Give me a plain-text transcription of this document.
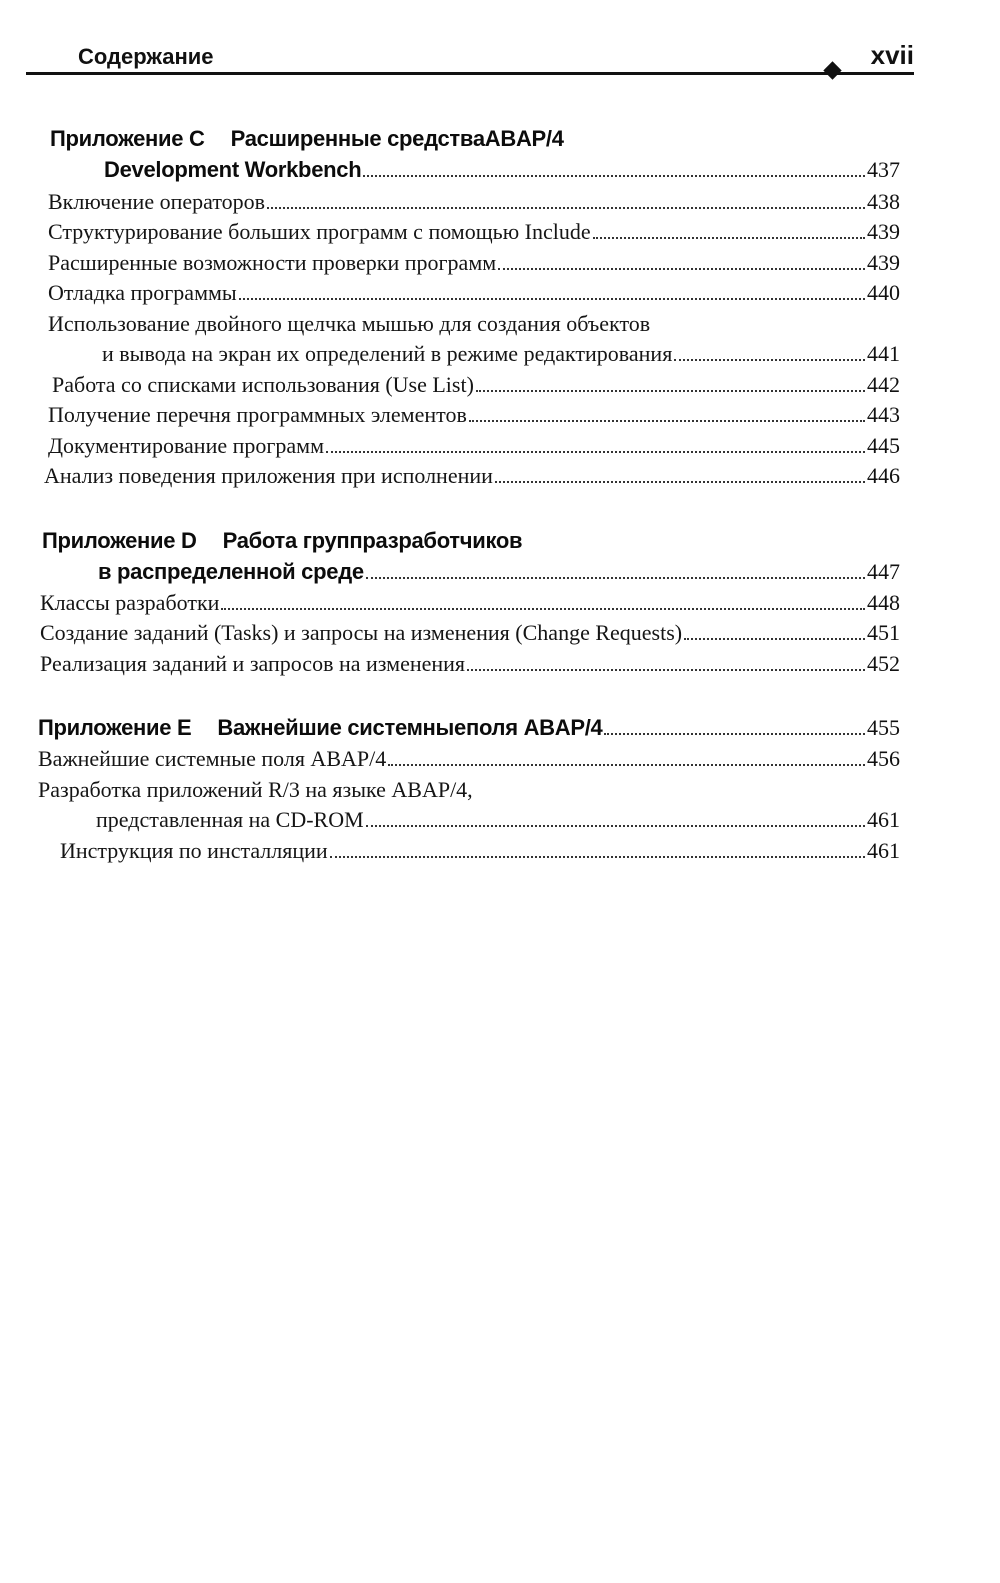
Содержание	xvii
Приложение C Расширенные средстваABAP/4
Development Workbench	437
Включение операторов	438
Структурирование больших программ с помощью Include	439
Расширенные возможности проверки программ	439
Отладка программы	440
Использование двойного щелчка мышью для создания объектов
и вывода на экран их определений в режиме редактирования	441
Работа со списками использования (Use List)	442
Получение перечня программных элементов	443
Документирование программ	445
Анализ поведения приложения при исполнении	446
Приложение D Работа группразработчиков
в распределенной среде	447
Классы разработки	448
Создание заданий (Tasks) и запросы на изменения (Change Requests)	451
Реализация заданий и запросов на изменения	452
Приложение E Важнейшие системныеполя ABAP/4	455
Важнейшие системные поля ABAP/4	456
Разработка приложений R/3 на языке ABAP/4,
представленная на CD-ROM	461
Инструкция по инсталляции	461
